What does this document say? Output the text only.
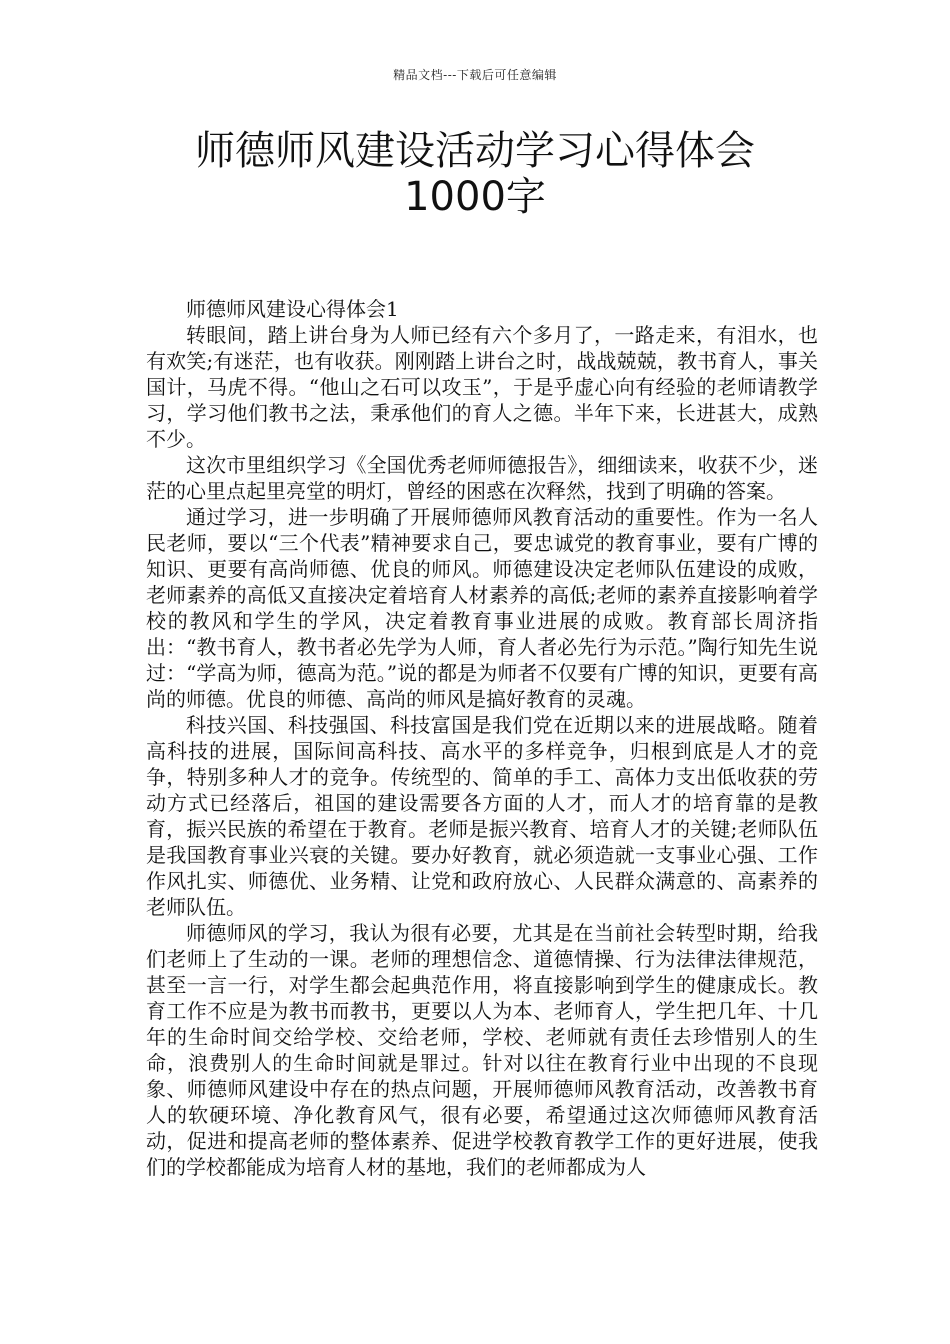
精品文档---下载后可任意编辑
师德师风建设活动学习心得体会1000字

师德师风建设心得体会1

转眼间，踏上讲台身为人师已经有六个多月了，一路走来，有泪水，也有欢笑;有迷茫，也有收获。刚刚踏上讲台之时，战战兢兢，教书育人，事关国计，马虎不得。“他山之石可以攻玉”，于是乎虚心向有经验的老师请教学习，学习他们教书之法，秉承他们的育人之德。半年下来，长进甚大，成熟不少。

这次市里组织学习《全国优秀老师师德报告》，细细读来，收获不少，迷茫的心里点起里亮堂的明灯，曾经的困惑在次释然，找到了明确的答案。

通过学习，进一步明确了开展师德师风教育活动的重要性。作为一名人民老师，要以“三个代表”精神要求自己，要忠诚党的教育事业，要有广博的知识、更要有高尚师德、优良的师风。师德建设决定老师队伍建设的成败，老师素养的高低又直接决定着培育人材素养的高低;老师的素养直接影响着学校的教风和学生的学风，决定着教育事业进展的成败。教育部长周济指出：“教书育人，教书者必先学为人师，育人者必先行为示范。”陶行知先生说过：“学高为师，德高为范。”说的都是为师者不仅要有广博的知识，更要有高尚的师德。优良的师德、高尚的师风是搞好教育的灵魂。

科技兴国、科技强国、科技富国是我们党在近期以来的进展战略。随着高科技的进展，国际间高科技、高水平的多样竞争，归根到底是人才的竞争，特别多种人才的竞争。传统型的、简单的手工、高体力支出低收获的劳动方式已经落后，祖国的建设需要各方面的人才，而人才的培育靠的是教育，振兴民族的希望在于教育。老师是振兴教育、培育人才的关键;老师队伍是我国教育事业兴衰的关键。要办好教育，就必须造就一支事业心强、工作作风扎实、师德优、业务精、让党和政府放心、人民群众满意的、高素养的老师队伍。

师德师风的学习，我认为很有必要，尤其是在当前社会转型时期，给我们老师上了生动的一课。老师的理想信念、道德情操、行为法律法律规范，甚至一言一行，对学生都会起典范作用，将直接影响到学生的健康成长。教育工作不应是为教书而教书，更要以人为本、老师育人，学生把几年、十几年的生命时间交给学校、交给老师，学校、老师就有责任去珍惜别人的生命，浪费别人的生命时间就是罪过。针对以往在教育行业中出现的不良现象、师德师风建设中存在的热点问题，开展师德师风教育活动，改善教书育人的软硬环境、净化教育风气，很有必要，希望通过这次师德师风教育活动，促进和提高老师的整体素养、促进学校教育教学工作的更好进展，使我们的学校都能成为培育人材的基地，我们的老师都成为人
